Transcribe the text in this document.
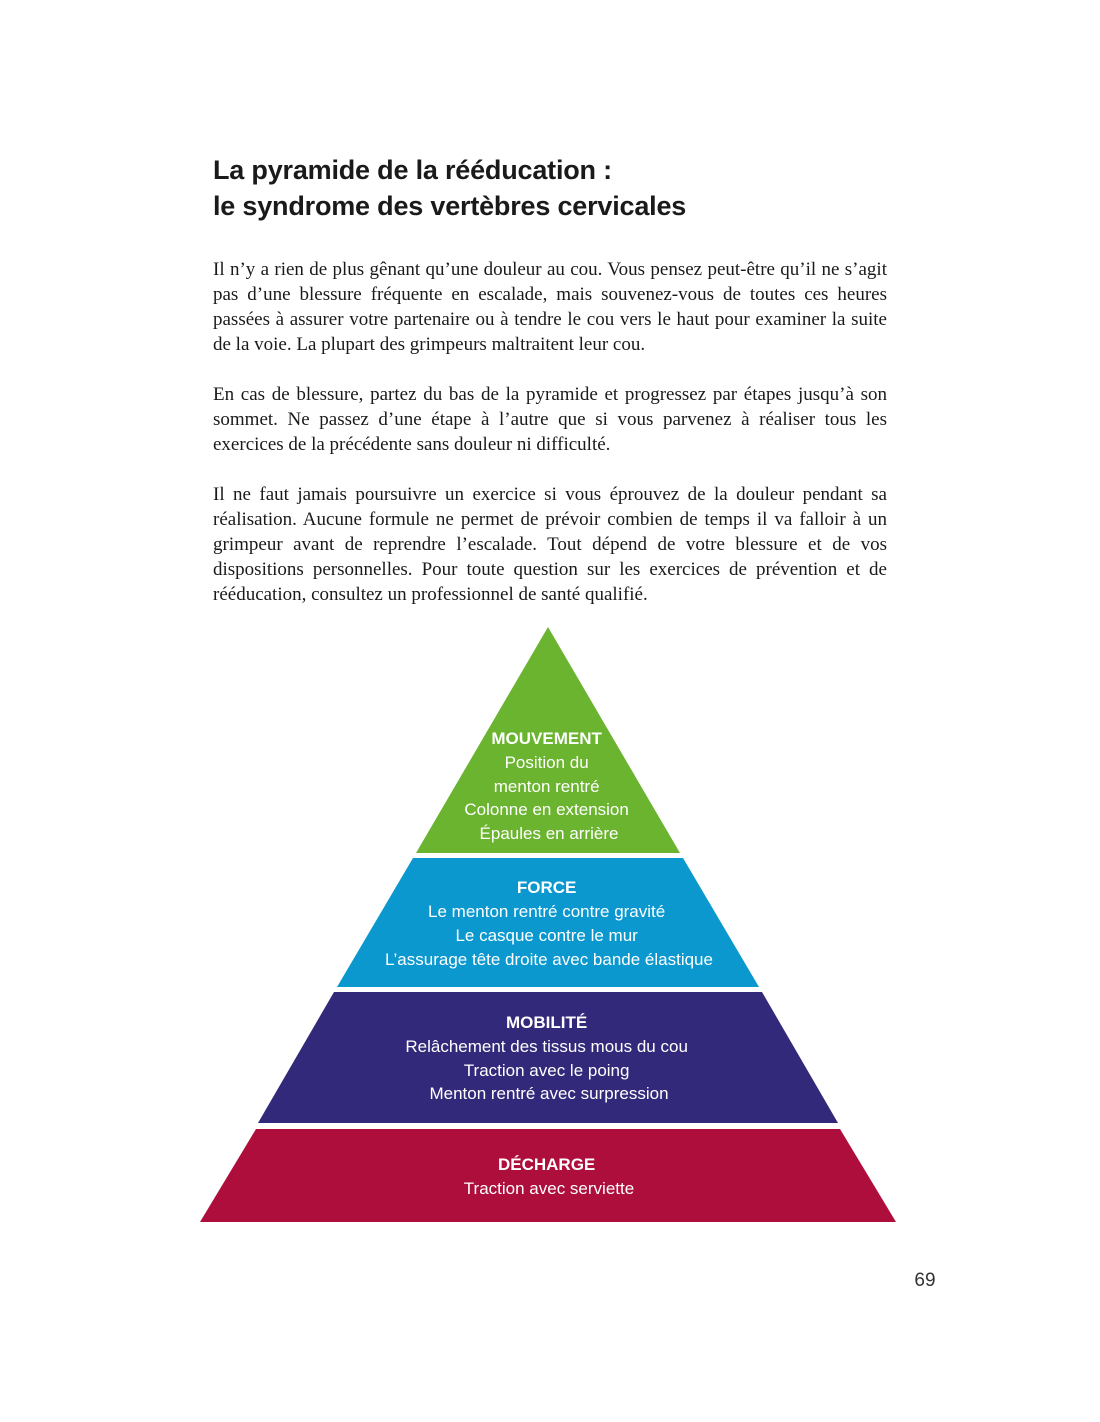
La pyramide de la rééducation :
le syndrome des vertèbres cervicales

Il n’y a rien de plus gênant qu’une douleur au cou. Vous pensez peut-être qu’il ne s’agit pas d’une blessure fréquente en escalade, mais souvenez-vous de toutes ces heures passées à assurer votre partenaire ou à tendre le cou vers le haut pour examiner la suite de la voie. La plupart des grimpeurs maltraitent leur cou.

En cas de blessure, partez du bas de la pyramide et progressez par étapes jusqu’à son sommet. Ne passez d’une étape à l’autre que si vous parvenez à réaliser tous les exercices de la précédente sans douleur ni difficulté.

Il ne faut jamais poursuivre un exercice si vous éprouvez de la douleur pendant sa réalisation. Aucune formule ne permet de prévoir combien de temps il va falloir à un grimpeur avant de reprendre l’escalade. Tout dépend de votre blessure et de vos dispositions personnelles. Pour toute question sur les exercices de prévention et de rééducation, consultez un professionnel de santé qualifié.

MOUVEMENT Position du menton rentré Colonne en extension Épaules en arrière
FORCE Le menton rentré contre gravité Le casque contre le mur L’assurage tête droite avec bande élastique
MOBILITÉ Relâchement des tissus mous du cou Traction avec le poing Menton rentré avec surpression
DÉCHARGE Traction avec serviette
69
